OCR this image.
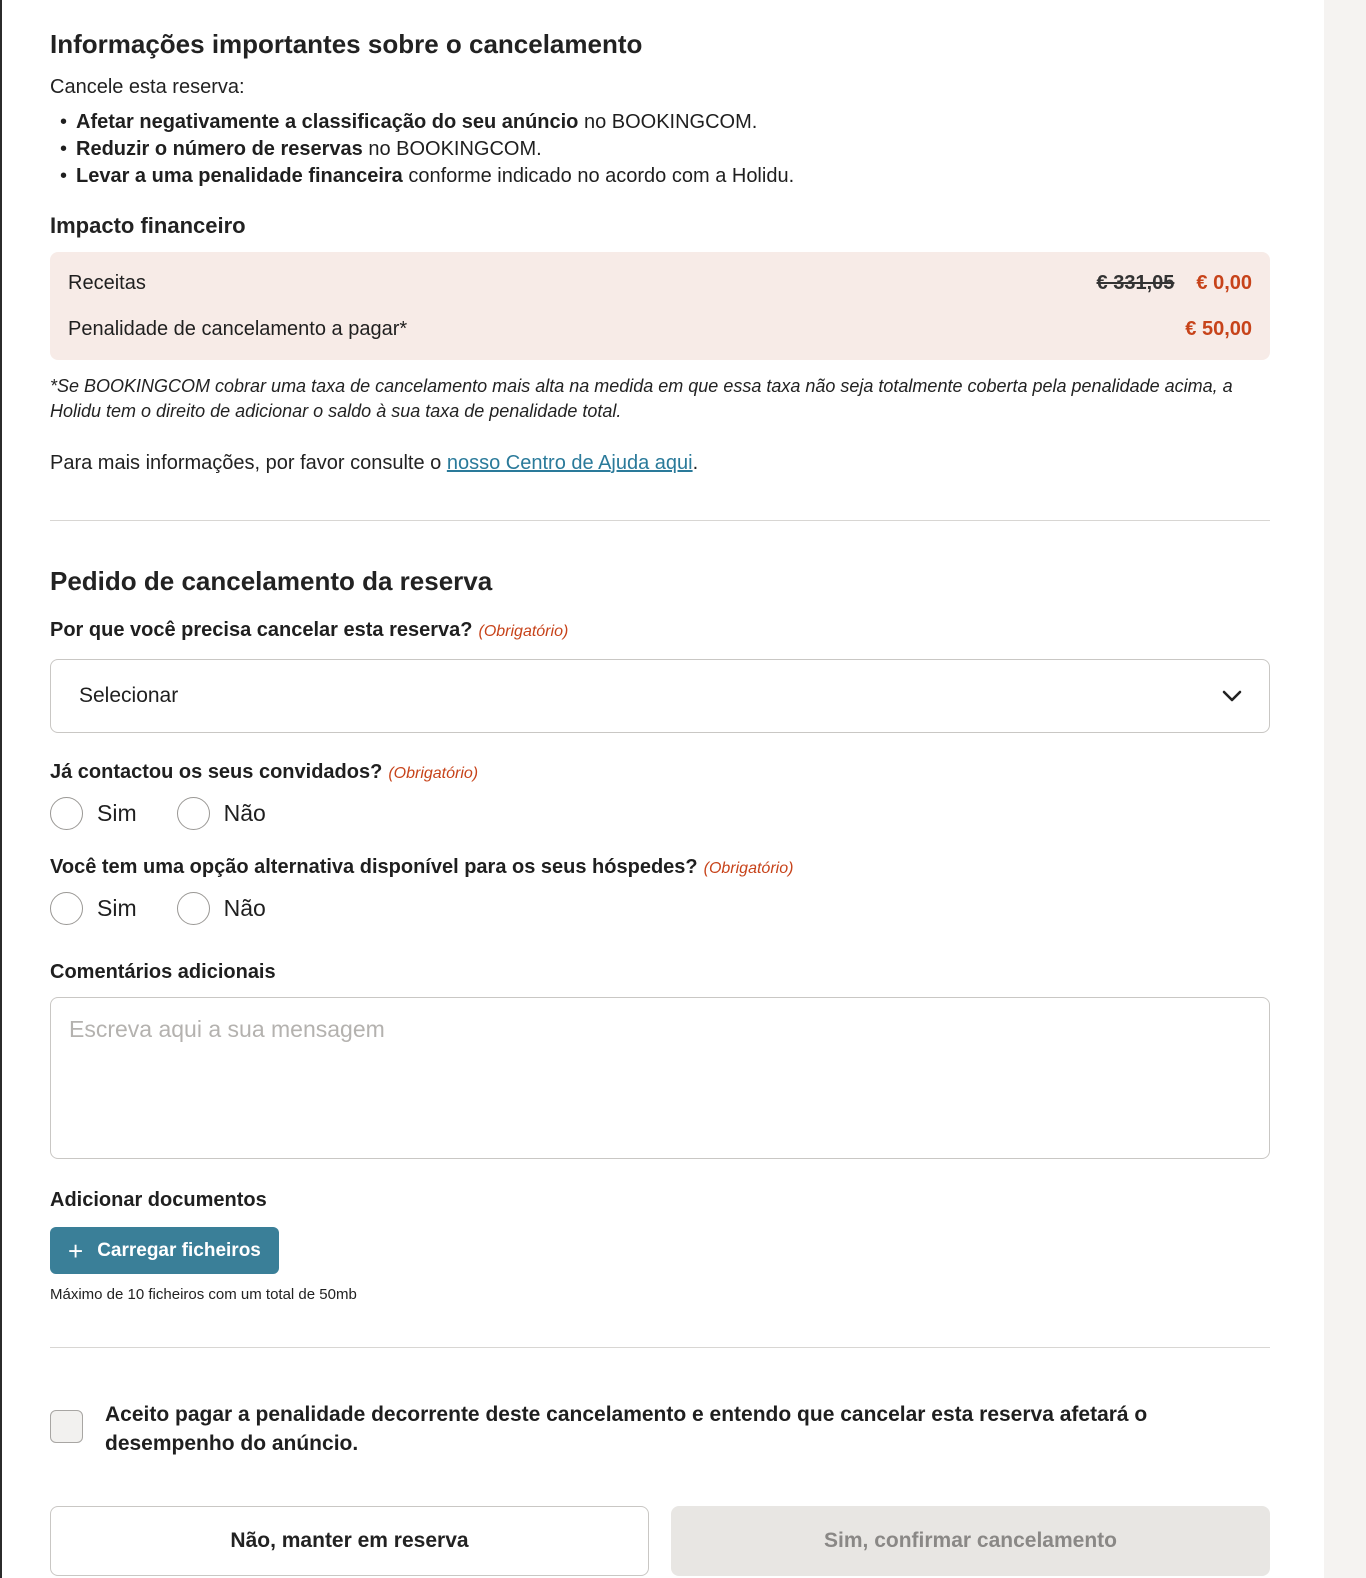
Informações importantes sobre o cancelamento

Cancele esta reserva:

• Afetar negativamente a classificação do seu anúncio no BOOKINGCOM.
• Reduzir o número de reservas no BOOKINGCOM.
• Levar a uma penalidade financeira conforme indicado no acordo com a Holidu.
Impacto financeiro
Receitas	€ 331,05 € 0,00
Penalidade de cancelamento a pagar*	€ 50,00

*Se BOOKINGCOM cobrar uma taxa de cancelamento mais alta na medida em que essa taxa não seja totalmente coberta pela penalidade acima, a Holidu tem o direito de adicionar o saldo à sua taxa de penalidade total.

Para mais informações, por favor consulte o nosso Centro de Ajuda aqui.

Pedido de cancelamento da reserva
Por que você precisa cancelar esta reserva? (Obrigatório)
Selecionar
Já contactou os seus convidados? (Obrigatório)
Sim	Não
Você tem uma opção alternativa disponível para os seus hóspedes? (Obrigatório)
Sim	Não
Comentários adicionais
Escreva aqui a sua mensagem
Adicionar documentos
+ Carregar ficheiros

Máximo de 10 ficheiros com um total de 50mb

Aceito pagar a penalidade decorrente deste cancelamento e entendo que cancelar esta reserva afetará o desempenho do anúncio.
Não, manter em reserva	Sim, confirmar cancelamento
